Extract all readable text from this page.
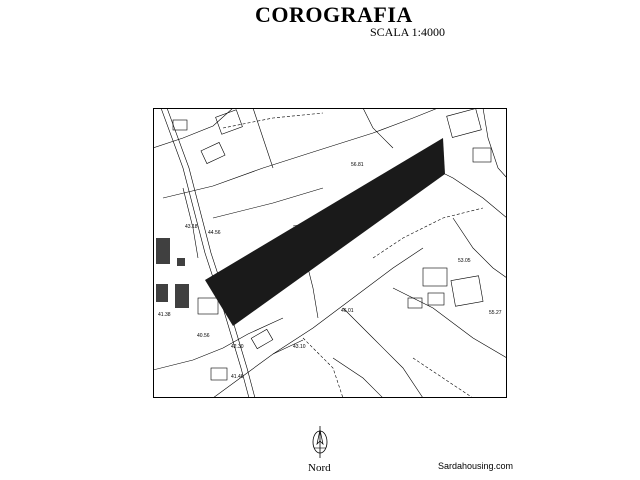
COROGRAFIA
SCALA 1:4000
56.81
44.56
43.18
41.38
40.56
42.30	43.10
41.46
53.05
55.27
46.01
Nord	Sardahousing.com
